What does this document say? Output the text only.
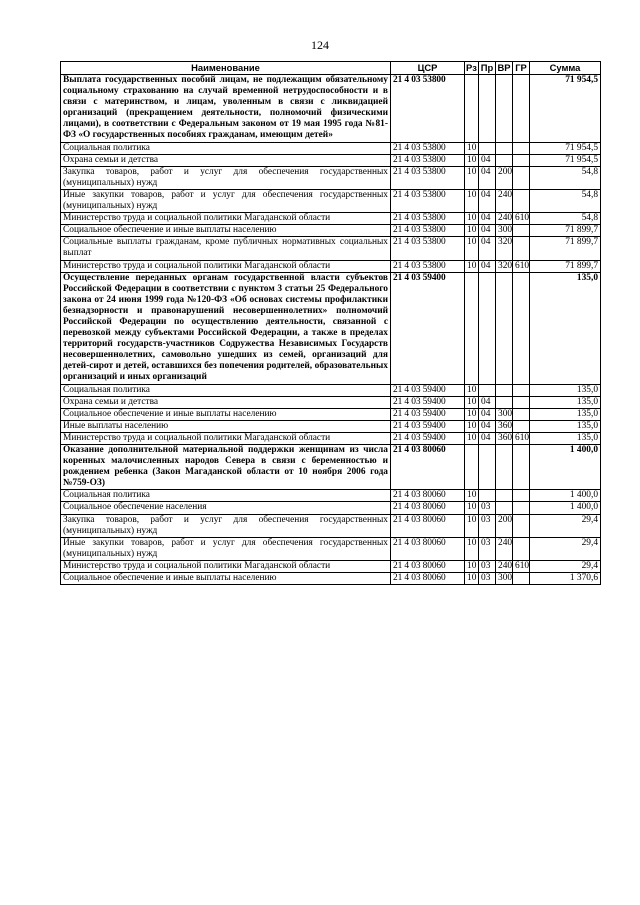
124
Наименование	ЦСР	Рз	Пр	ВР	ГР	Сумма
Выплата государственных пособий лицам, не подлежащим обязательному социальному страхованию на случай временной нетрудоспособности и в связи с материнством, и лицам, уволенным в связи с ликвидацией организаций (прекращением деятельности, полномочий физическими лицами), в соответствии с Федеральным законом от 19 мая 1995 года №81-ФЗ «О государственных пособиях гражданам, имеющим детей»	21 4 03 53800					71 954,5
Социальная политика	21 4 03 53800	10				71 954,5
Охрана семьи и детства	21 4 03 53800	10	04			71 954,5
Закупка товаров, работ и услуг для обеспечения государственных (муниципальных) нужд	21 4 03 53800	10	04	200		54,8
Иные закупки товаров, работ и услуг для обеспечения государственных (муниципальных) нужд	21 4 03 53800	10	04	240		54,8
Министерство труда и социальной политики Магаданской области	21 4 03 53800	10	04	240	610	54,8
Социальное обеспечение и иные выплаты населению	21 4 03 53800	10	04	300		71 899,7
Социальные выплаты гражданам, кроме публичных нормативных социальных выплат	21 4 03 53800	10	04	320		71 899,7
Министерство труда и социальной политики Магаданской области	21 4 03 53800	10	04	320	610	71 899,7
Осуществление переданных органам государственной власти субъектов Российской Федерации в соответствии с пунктом 3 статьи 25 Федерального закона от 24 июня 1999 года №120-ФЗ «Об основах системы профилактики безнадзорности и правонарушений несовершеннолетних» полномочий Российской Федерации по осуществлению деятельности, связанной с перевозкой между субъектами Российской Федерации, а также в пределах территорий государств-участников Содружества Независимых Государств несовершеннолетних, самовольно ушедших из семей, организаций для детей-сирот и детей, оставшихся без попечения родителей, образовательных организаций и иных организаций	21 4 03 59400					135,0
Социальная политика	21 4 03 59400	10				135,0
Охрана семьи и детства	21 4 03 59400	10	04			135,0
Социальное обеспечение и иные выплаты населению	21 4 03 59400	10	04	300		135,0
Иные выплаты населению	21 4 03 59400	10	04	360		135,0
Министерство труда и социальной политики Магаданской области	21 4 03 59400	10	04	360	610	135,0
Оказание дополнительной материальной поддержки женщинам из числа коренных малочисленных народов Севера в связи с беременностью и рождением ребенка (Закон Магаданской области от 10 ноября 2006 года №759-ОЗ)	21 4 03 80060					1 400,0
Социальная политика	21 4 03 80060	10				1 400,0
Социальное обеспечение населения	21 4 03 80060	10	03			1 400,0
Закупка товаров, работ и услуг для обеспечения государственных (муниципальных) нужд	21 4 03 80060	10	03	200		29,4
Иные закупки товаров, работ и услуг для обеспечения государственных (муниципальных) нужд	21 4 03 80060	10	03	240		29,4
Министерство труда и социальной политики Магаданской области	21 4 03 80060	10	03	240	610	29,4
Социальное обеспечение и иные выплаты населению	21 4 03 80060	10	03	300		1 370,6
